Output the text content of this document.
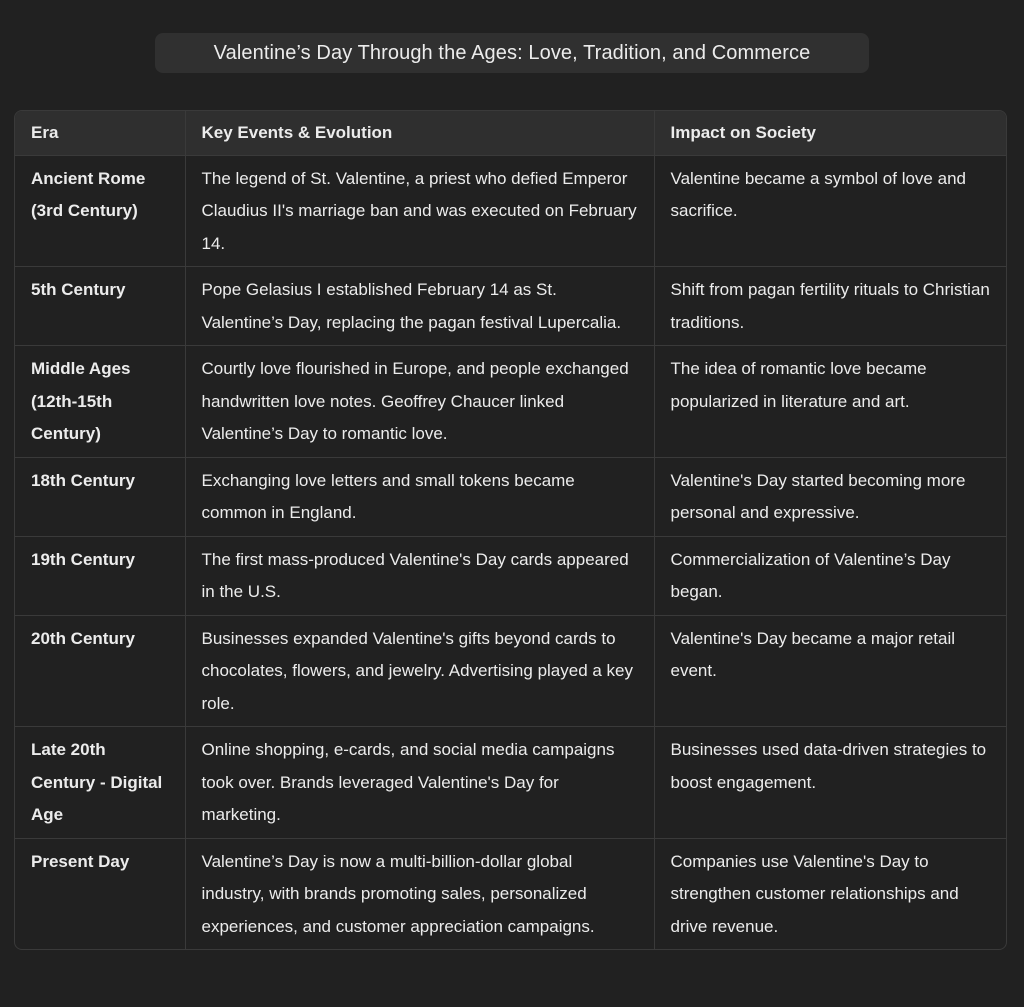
Valentine’s Day Through the Ages: Love, Tradition, and Commerce
Era	Key Events & Evolution	Impact on Society
Ancient Rome (3rd Century)	The legend of St. Valentine, a priest who defied Emperor Claudius II's marriage ban and was executed on February 14.	Valentine became a symbol of love and sacrifice.
5th Century	Pope Gelasius I established February 14 as St. Valentine’s Day, replacing the pagan festival Lupercalia.	Shift from pagan fertility rituals to Christian traditions.
Middle Ages (12th-15th Century)	Courtly love flourished in Europe, and people exchanged handwritten love notes. Geoffrey Chaucer linked Valentine’s Day to romantic love.	The idea of romantic love became popularized in literature and art.
18th Century	Exchanging love letters and small tokens became common in England.	Valentine's Day started becoming more personal and expressive.
19th Century	The first mass-produced Valentine's Day cards appeared in the U.S.	Commercialization of Valentine’s Day began.
20th Century	Businesses expanded Valentine's gifts beyond cards to chocolates, flowers, and jewelry. Advertising played a key role.	Valentine's Day became a major retail event.
Late 20th Century - Digital Age	Online shopping, e-cards, and social media campaigns took over. Brands leveraged Valentine's Day for marketing.	Businesses used data-driven strategies to boost engagement.
Present Day	Valentine’s Day is now a multi-billion-dollar global industry, with brands promoting sales, personalized experiences, and customer appreciation campaigns.	Companies use Valentine's Day to strengthen customer relationships and drive revenue.
